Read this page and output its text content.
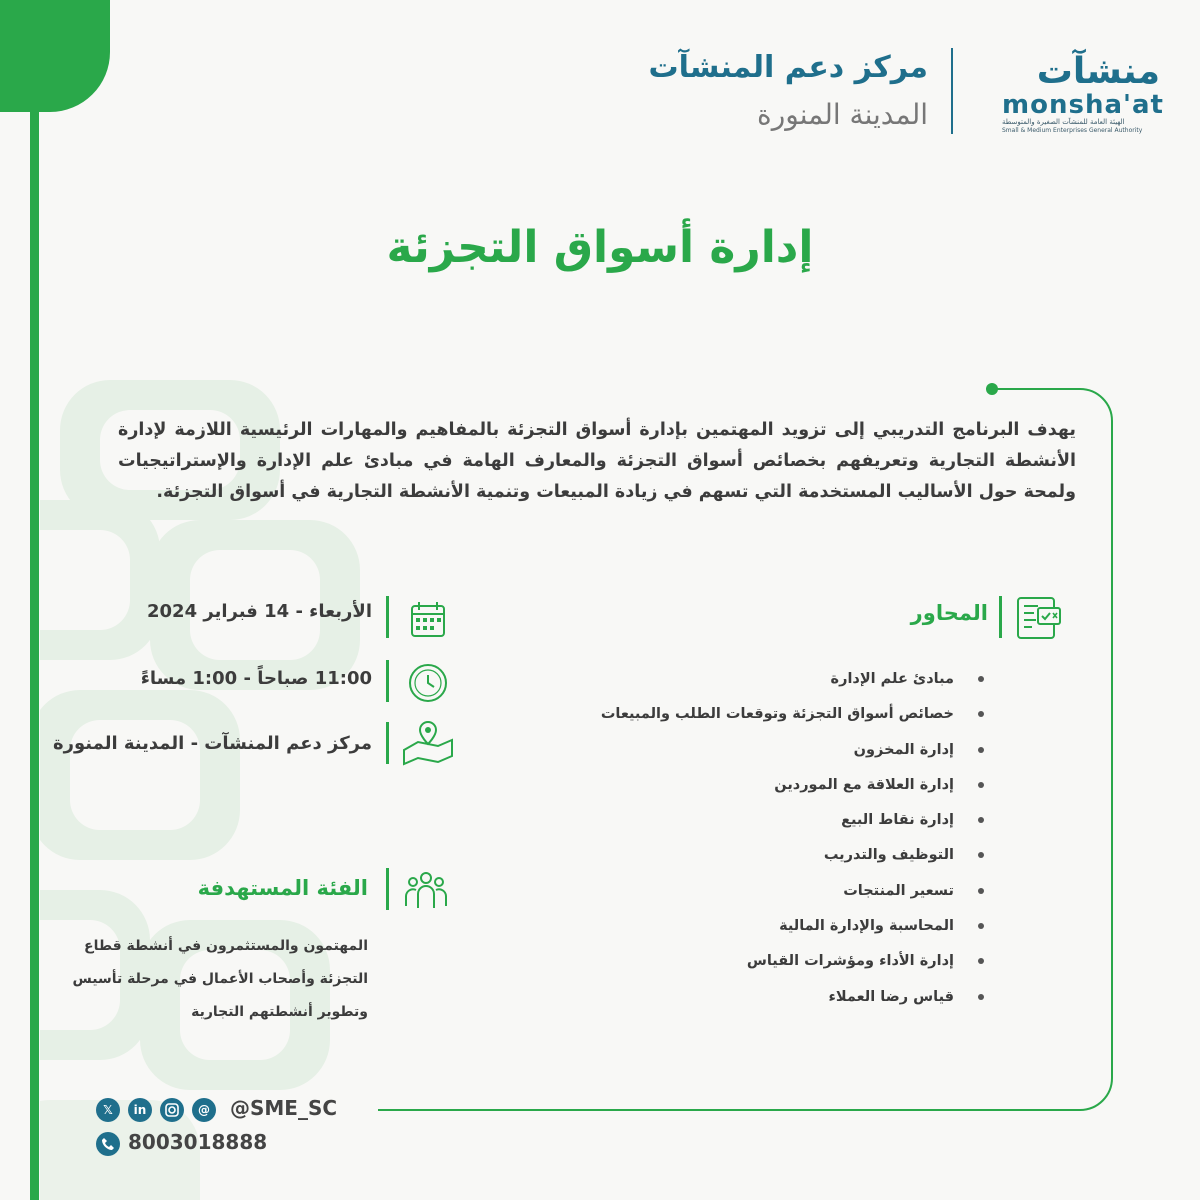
منشآت
monsha'at
الهيئة العامة للمنشآت الصغيرة والمتوسطة
Small & Medium Enterprises General Authority
مركز دعم المنشآت
المدينة المنورة
إدارة أسواق التجزئة
يهدف البرنامج التدريبي إلى تزويد المهتمين بإدارة أسواق التجزئة بالمفاهيم والمهارات الرئيسية اللازمة لإدارة الأنشطة التجارية وتعريفهم بخصائص أسواق التجزئة والمعارف الهامة في مبادئ علم الإدارة والإستراتيجيات ولمحة حول الأساليب المستخدمة التي تسهم في زيادة المبيعات وتنمية الأنشطة التجارية في أسواق التجزئة.
المحاور
مبادئ علم الإدارة
خصائص أسواق التجزئة وتوقعات الطلب والمبيعات
إدارة المخزون
إدارة العلاقة مع الموردين
إدارة نقاط البيع
التوظيف والتدريب
تسعير المنتجات
المحاسبة والإدارة المالية
إدارة الأداء ومؤشرات القياس
قياس رضا العملاء
الأربعاء - 14 فبراير 2024
11:00 صباحاً - 1:00 مساءً
مركز دعم المنشآت - المدينة المنورة
الفئة المستهدفة
المهتمون والمستثمرون في أنشطة قطاع التجزئة وأصحاب الأعمال في مرحلة تأسيس وتطوير أنشطتهم التجارية
𝕏	in	@	@SME_SC
8003018888
